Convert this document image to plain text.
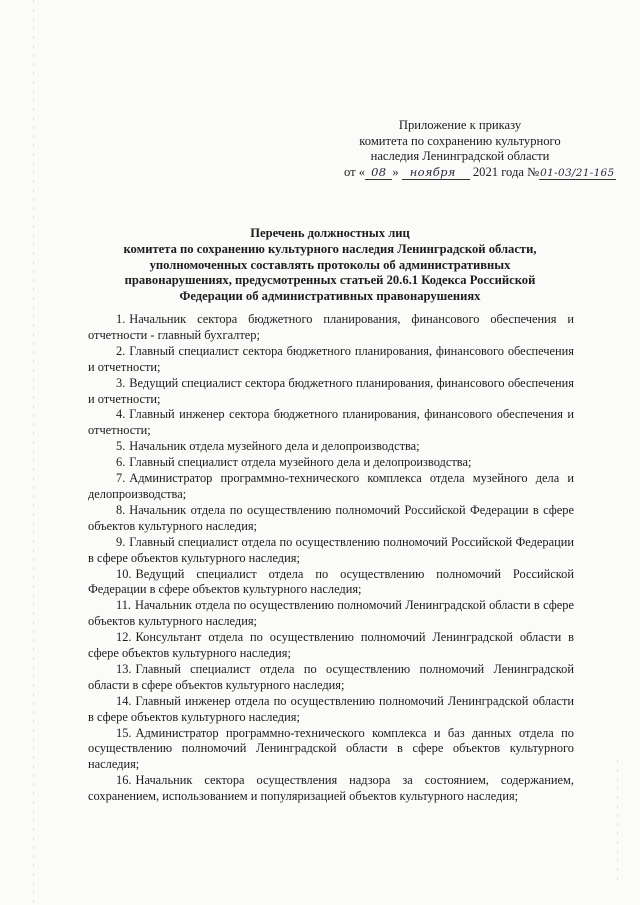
Приложение к приказу
комитета по сохранению культурного
наследия Ленинградской области
от « 08 » ноября 2021 года №01-03/21-165
Перечень должностных лиц
комитета по сохранению культурного наследия Ленинградской области,
уполномоченных составлять протоколы об административных
правонарушениях, предусмотренных статьей 20.6.1 Кодекса Российской
Федерации об административных правонарушениях

1. Начальник сектора бюджетного планирования, финансового обеспечения и отчетности - главный бухгалтер;

2. Главный специалист сектора бюджетного планирования, финансового обеспечения и отчетности;

3. Ведущий специалист сектора бюджетного планирования, финансового обеспечения и отчетности;

4. Главный инженер сектора бюджетного планирования, финансового обеспечения и отчетности;

5. Начальник отдела музейного дела и делопроизводства;

6. Главный специалист отдела музейного дела и делопроизводства;

7. Администратор программно-технического комплекса отдела музейного дела и делопроизводства;

8. Начальник отдела по осуществлению полномочий Российской Федерации в сфере объектов культурного наследия;

9. Главный специалист отдела по осуществлению полномочий Российской Федерации в сфере объектов культурного наследия;

10. Ведущий специалист отдела по осуществлению полномочий Российской Федерации в сфере объектов культурного наследия;

11. Начальник отдела по осуществлению полномочий Ленинградской области в сфере объектов культурного наследия;

12. Консультант отдела по осуществлению полномочий Ленинградской области в сфере объектов культурного наследия;

13. Главный специалист отдела по осуществлению полномочий Ленинградской области в сфере объектов культурного наследия;

14. Главный инженер отдела по осуществлению полномочий Ленинградской области в сфере объектов культурного наследия;

15. Администратор программно-технического комплекса и баз данных отдела по осуществлению полномочий Ленинградской области в сфере объектов культурного наследия;

16. Начальник сектора осуществления надзора за состоянием, содержанием, сохранением, использованием и популяризацией объектов культурного наследия;
